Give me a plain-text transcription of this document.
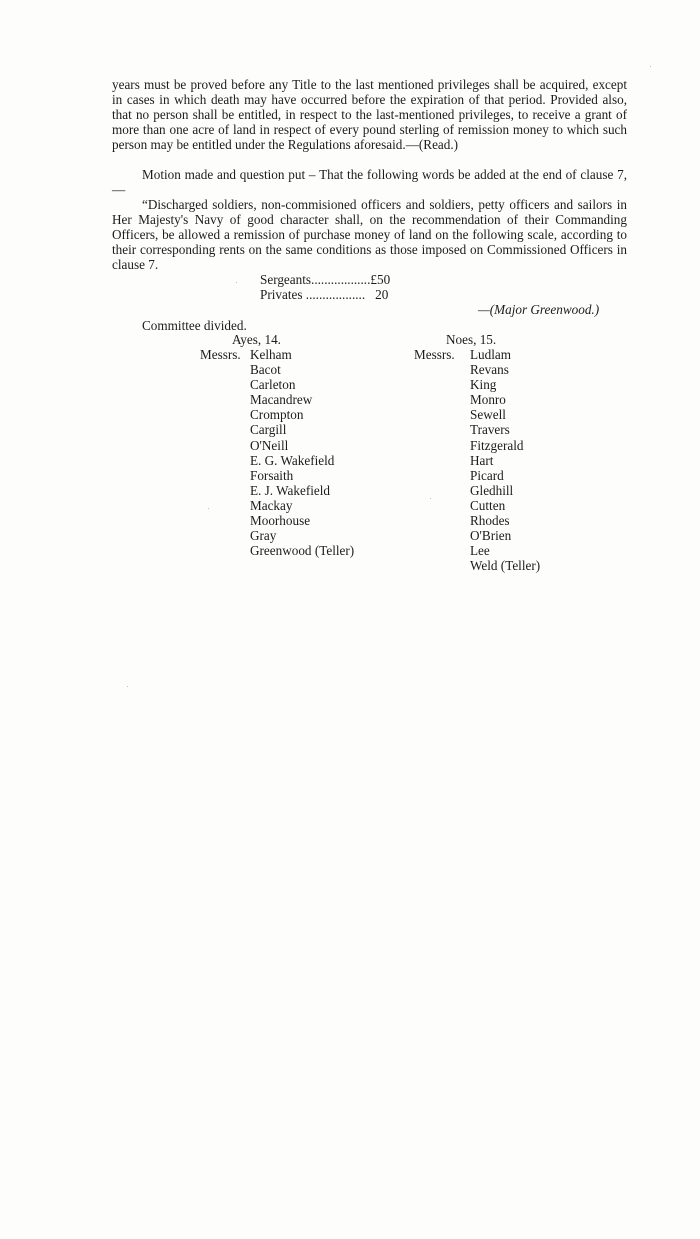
years must be proved before any Title to the last mentioned privileges shall be acquired, except in cases in which death may have occurred before the expiration of that period. Provided also, that no person shall be entitled, in respect to the last-mentioned privileges, to receive a grant of more than one acre of land in respect of every pound sterling of remission money to which such person may be entitled under the Regulations aforesaid.—(Read.)
Motion made and question put – That the following words be added at the end of clause 7,—
“Discharged soldiers, non-commisioned officers and soldiers, petty officers and sailors in Her Majesty's Navy of good character shall, on the recommendation of their Commanding Officers, be allowed a remission of purchase money of land on the following scale, according to their corresponding rents on the same conditions as those imposed on Commissioned Officers in clause 7.
Sergeants..................£50
Privates .................. 20
—(Major Greenwood.)
Committee divided.
Ayes, 14.	Noes, 15.
Messrs.	Messrs.
Kelham
Bacot
Carleton
Macandrew
Crompton
Cargill
O'Neill
E. G. Wakefield
Forsaith
E. J. Wakefield
Mackay
Moorhouse
Gray
Greenwood (Teller)
Ludlam
Revans
King
Monro
Sewell
Travers
Fitzgerald
Hart
Picard
Gledhill
Cutten
Rhodes
O'Brien
Lee
Weld (Teller)
